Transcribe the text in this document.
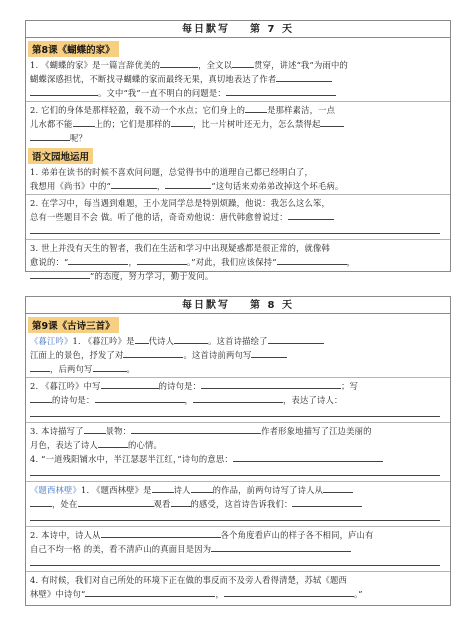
每日默写 第 7 天
第8课《蝴蝶的家》
1. 《蝴蝶的家》是一篇言辞优美的	，全文以	贯穿，讲述“我”为雨中的
蝴蝶深感担忧，不断找寻蝴蝶的家而最终无果，真切地表达了作者
。文中“我”一直不明白的问题是：
2. 它们的身体是那样轻盈，载不动一个水点；它们身上的	是那样素洁，一点
儿水都不能	上的；它们是那样的	，比一片树叶还无力，怎么禁得起
呢？
语文园地运用
1. 弟弟在读书的时候不喜欢问问题，总觉得书中的道理自己都已经明白了，
我想用《尚书》中的“	，	”这句话来劝弟弟改掉这个坏毛病。
2. 在学习中，每当遇到难题，王小龙同学总是特别烦躁，他说：我怎么这么笨，
总有一些题目不会 做。听了他的话，奇奇劝他说：唐代韩愈曾说过：

3. 世上并没有天生的智者，我们在生活和学习中出现疑惑都是很正常的，就像韩
愈说的：“	，	。”对此，我们应该保持“	，
”的态度，努力学习，勤于发问。
每日默写 第 8 天
第9课《古诗三首》
《暮江吟》1. 《暮江吟》是 代诗人	。这首诗描绘了
江面上的景色，抒发了对	。这首诗前两句写
，后两句写	。
2. 《暮江吟》中写	的诗句是：	；写
的诗句是：	，	，表达了诗人：

3. 本诗描写了	景物：	作者形象地描写了江边美丽的
月色，表达了诗人	的心情。
4. “一道残阳铺水中，半江瑟瑟半江红，”诗句的意思：

《题西林壁》1. 《题西林壁》是	诗人	的作品，前两句诗写了诗人从
，处在	观看 的感受，这首诗告诉我们：

2. 本诗中，诗人从	各个角度看庐山的样子各不相同，庐山有
自己不均一格 的美，看不清庐山的真面目是因为

4. 有时候，我们对自己所处的环境下正在做的事反而不及旁人看得清楚，苏轼《题西
林壁》中诗句“	，	。”
